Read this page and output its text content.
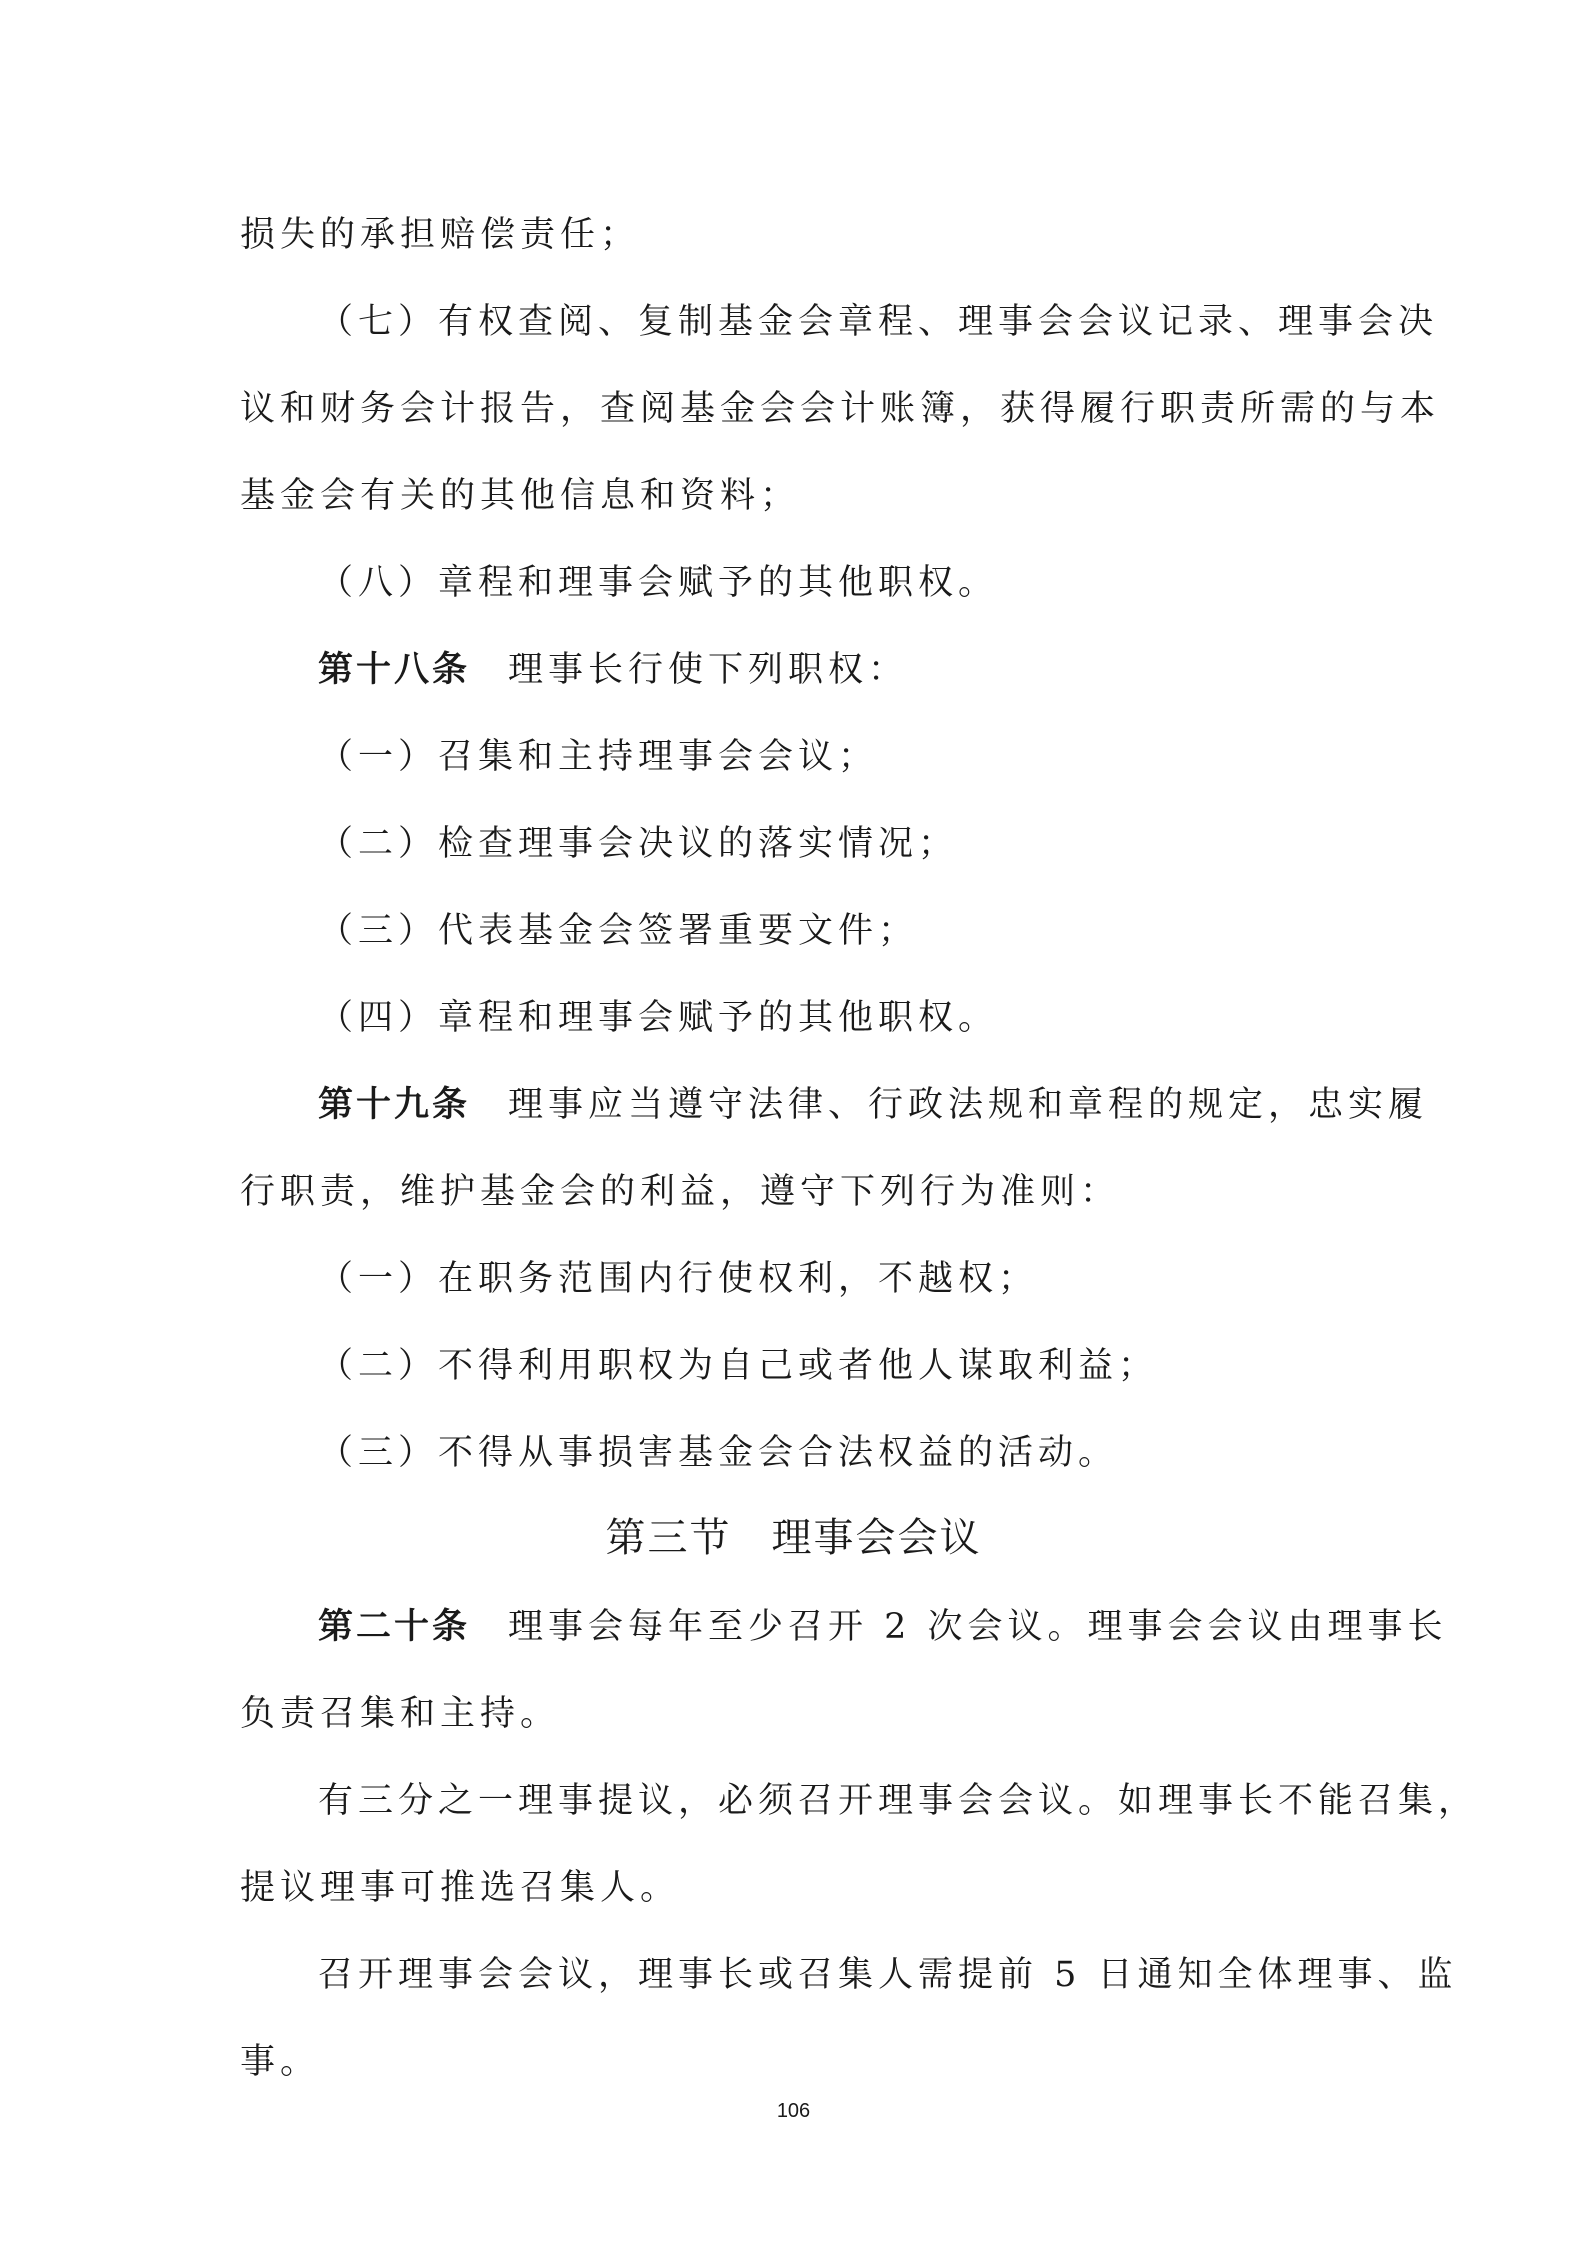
损失的承担赔偿责任；
（七）有权查阅、复制基金会章程、理事会会议记录、理事会决
议和财务会计报告，查阅基金会会计账簿，获得履行职责所需的与本
基金会有关的其他信息和资料；
（八）章程和理事会赋予的其他职权。
第十八条 理事长行使下列职权：
（一）召集和主持理事会会议；
（二）检查理事会决议的落实情况；
（三）代表基金会签署重要文件；
（四）章程和理事会赋予的其他职权。
第十九条 理事应当遵守法律、行政法规和章程的规定，忠实履
行职责，维护基金会的利益，遵守下列行为准则：
（一）在职务范围内行使权利，不越权；
（二）不得利用职权为自己或者他人谋取利益；
（三）不得从事损害基金会合法权益的活动。
第三节 理事会会议
第二十条 理事会每年至少召开 2 次会议。理事会会议由理事长
负责召集和主持。
有三分之一理事提议，必须召开理事会会议。如理事长不能召集，
提议理事可推选召集人。
召开理事会会议，理事长或召集人需提前 5 日通知全体理事、监
事。
106
